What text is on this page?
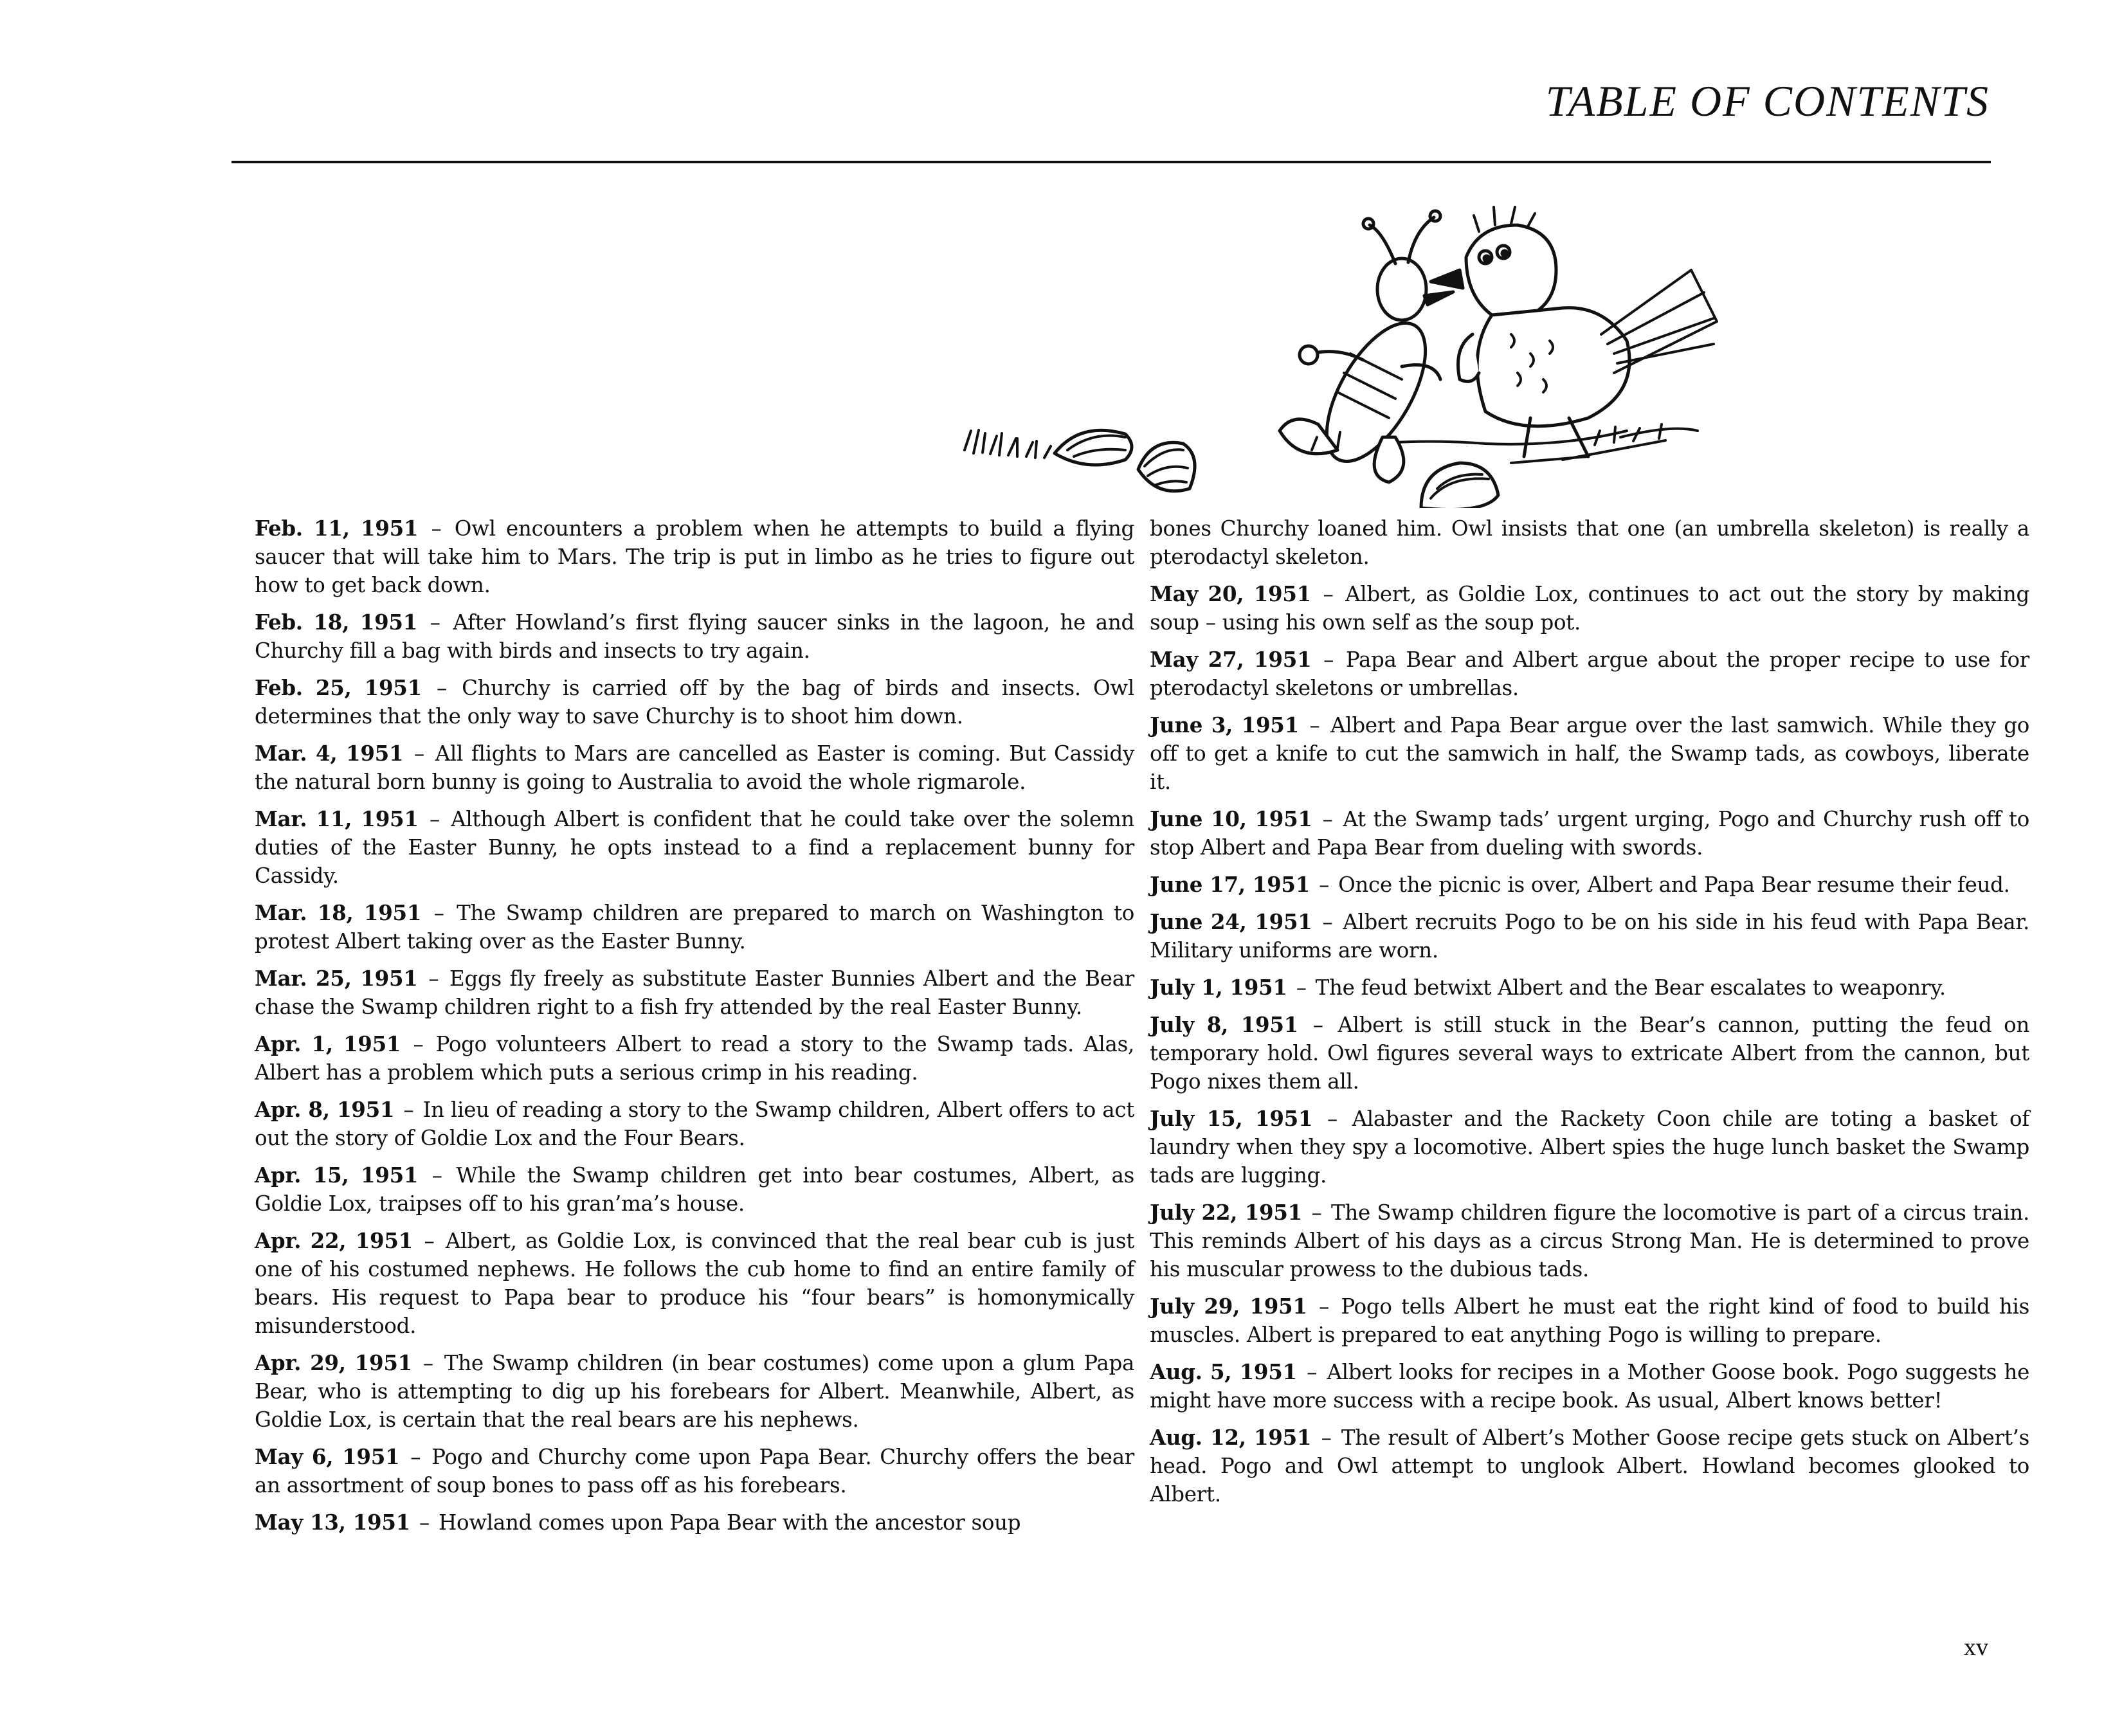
TABLE OF CONTENTS

Feb. 11, 1951 – Owl encounters a problem when he attempts to build a flying saucer that will take him to Mars. The trip is put in limbo as he tries to figure out how to get back down.

Feb. 18, 1951 – After Howland’s first flying saucer sinks in the lagoon, he and Churchy fill a bag with birds and insects to try again.

Feb. 25, 1951 – Churchy is carried off by the bag of birds and insects. Owl determines that the only way to save Churchy is to shoot him down.

Mar. 4, 1951 – All flights to Mars are cancelled as Easter is coming. But Cassidy the natural born bunny is going to Australia to avoid the whole rigmarole.

Mar. 11, 1951 – Although Albert is confident that he could take over the solemn duties of the Easter Bunny, he opts instead to a find a replacement bunny for Cassidy.

Mar. 18, 1951 – The Swamp children are prepared to march on Washington to protest Albert taking over as the Easter Bunny.

Mar. 25, 1951 – Eggs fly freely as substitute Easter Bunnies Albert and the Bear chase the Swamp children right to a fish fry attended by the real Easter Bunny.

Apr. 1, 1951 – Pogo volunteers Albert to read a story to the Swamp tads. Alas, Albert has a problem which puts a serious crimp in his reading.

Apr. 8, 1951 – In lieu of reading a story to the Swamp children, Albert offers to act out the story of Goldie Lox and the Four Bears.

Apr. 15, 1951 – While the Swamp children get into bear costumes, Albert, as Goldie Lox, traipses off to his gran’ma’s house.

Apr. 22, 1951 – Albert, as Goldie Lox, is convinced that the real bear cub is just one of his costumed nephews. He follows the cub home to find an entire family of bears. His request to Papa bear to produce his “four bears” is homonymically misunderstood.

Apr. 29, 1951 – The Swamp children (in bear costumes) come upon a glum Papa Bear, who is attempting to dig up his forebears for Albert. Meanwhile, Albert, as Goldie Lox, is certain that the real bears are his nephews.

May 6, 1951 – Pogo and Churchy come upon Papa Bear. Churchy offers the bear an assortment of soup bones to pass off as his forebears.

May 13, 1951 – Howland comes upon Papa Bear with the ancestor soup

bones Churchy loaned him. Owl insists that one (an umbrella skeleton) is really a pterodactyl skeleton.

May 20, 1951 – Albert, as Goldie Lox, continues to act out the story by making soup – using his own self as the soup pot.

May 27, 1951 – Papa Bear and Albert argue about the proper recipe to use for pterodactyl skeletons or umbrellas.

June 3, 1951 – Albert and Papa Bear argue over the last samwich. While they go off to get a knife to cut the samwich in half, the Swamp tads, as cowboys, liberate it.

June 10, 1951 – At the Swamp tads’ urgent urging, Pogo and Churchy rush off to stop Albert and Papa Bear from dueling with swords.

June 17, 1951 – Once the picnic is over, Albert and Papa Bear resume their feud.

June 24, 1951 – Albert recruits Pogo to be on his side in his feud with Papa Bear. Military uniforms are worn.

July 1, 1951 – The feud betwixt Albert and the Bear escalates to weaponry.

July 8, 1951 – Albert is still stuck in the Bear’s cannon, putting the feud on temporary hold. Owl figures several ways to extricate Albert from the cannon, but Pogo nixes them all.

July 15, 1951 – Alabaster and the Rackety Coon chile are toting a basket of laundry when they spy a locomotive. Albert spies the huge lunch basket the Swamp tads are lugging.

July 22, 1951 – The Swamp children figure the locomotive is part of a circus train. This reminds Albert of his days as a circus Strong Man. He is determined to prove his muscular prowess to the dubious tads.

July 29, 1951 – Pogo tells Albert he must eat the right kind of food to build his muscles. Albert is prepared to eat anything Pogo is willing to prepare.

Aug. 5, 1951 – Albert looks for recipes in a Mother Goose book. Pogo suggests he might have more success with a recipe book. As usual, Albert knows better!

Aug. 12, 1951 – The result of Albert’s Mother Goose recipe gets stuck on Albert’s head. Pogo and Owl attempt to unglook Albert. Howland becomes glooked to Albert.

xv
